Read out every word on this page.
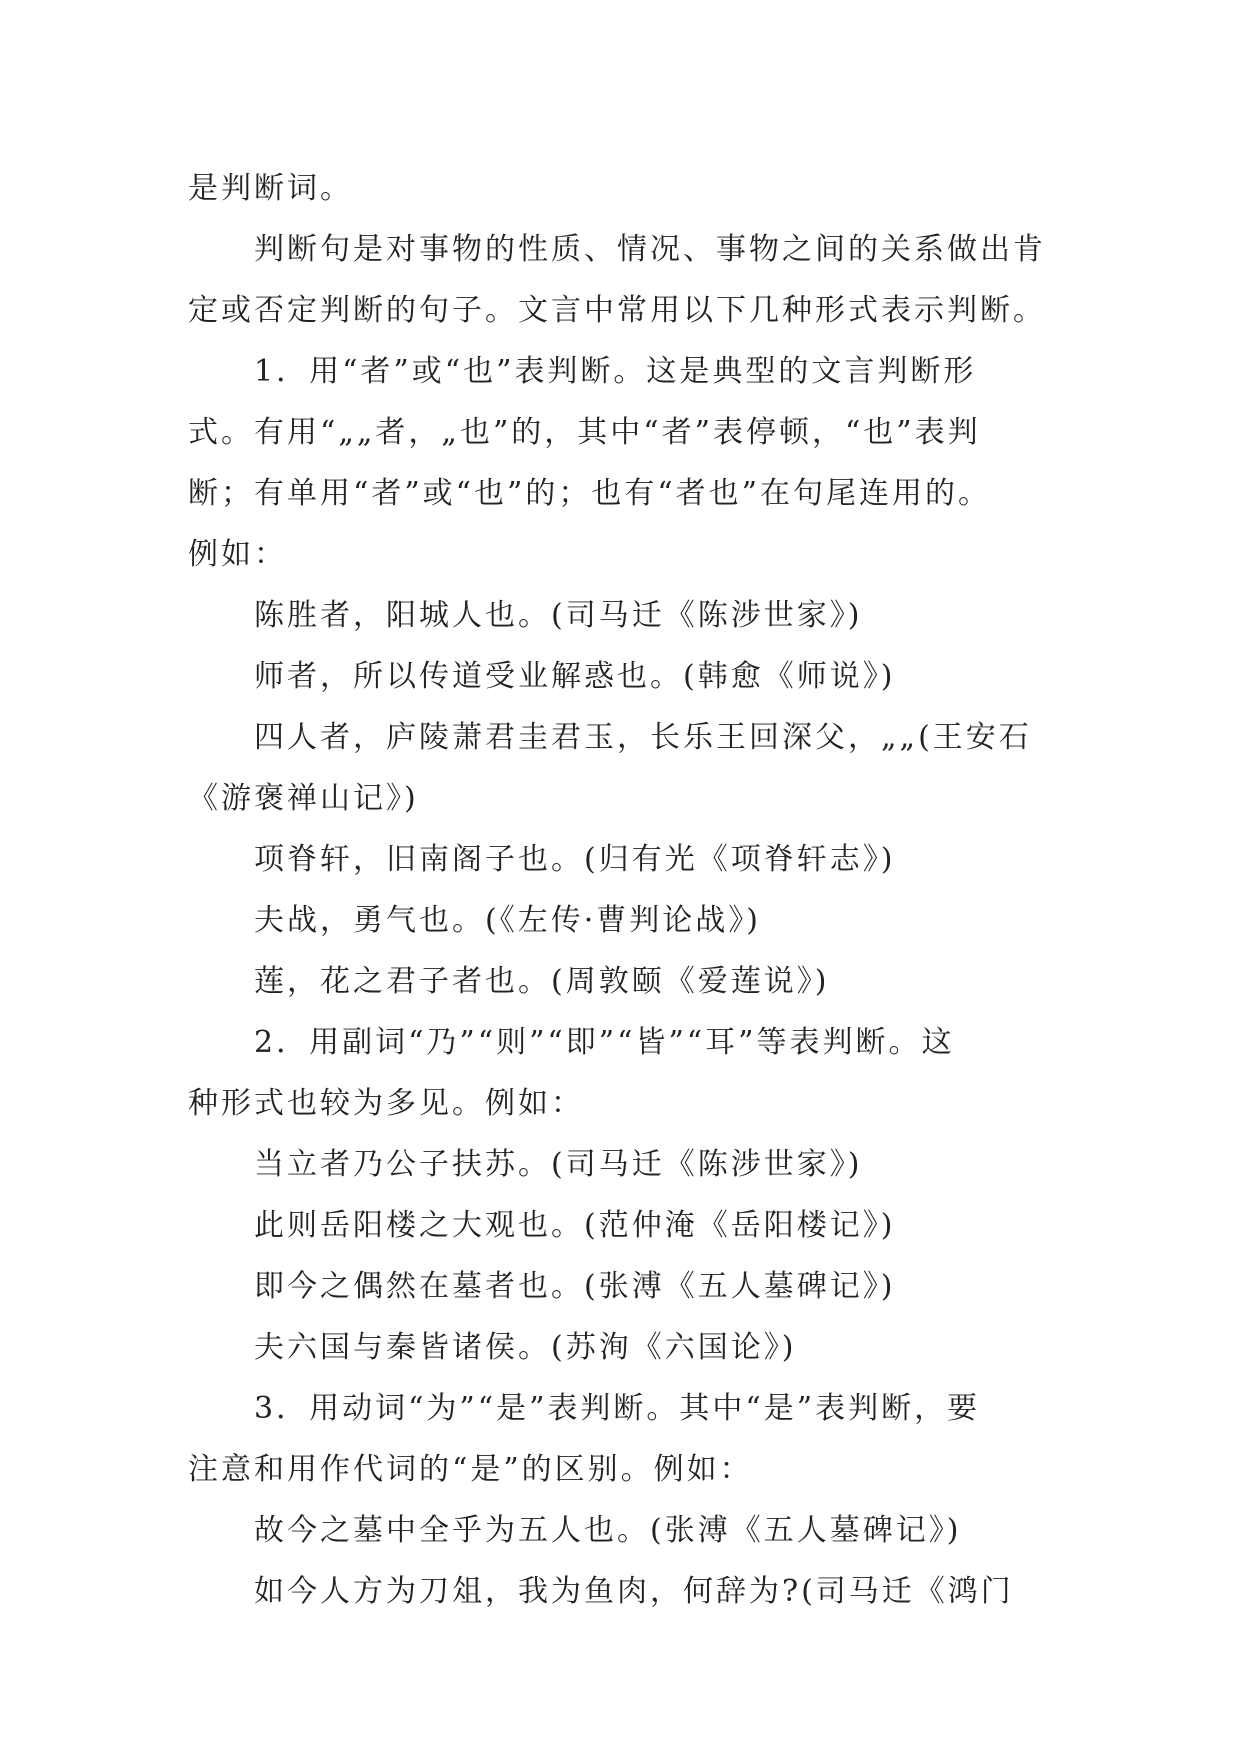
是判断词。
判断句是对事物的性质、情况、事物之间的关系做出肯
定或否定判断的句子。文言中常用以下几种形式表示判断。
1．用“者”或“也”表判断。这是典型的文言判断形
式。有用“„„者，„也”的，其中“者”表停顿，“也”表判
断；有单用“者”或“也”的；也有“者也”在句尾连用的。
例如：
陈胜者，阳城人也。(司马迁《陈涉世家》)
师者，所以传道受业解惑也。(韩愈《师说》)
四人者，庐陵萧君圭君玉，长乐王回深父，„„(王安石
《游褒禅山记》)
项脊轩，旧南阁子也。(归有光《项脊轩志》)
夫战，勇气也。(《左传·曹判论战》)
莲，花之君子者也。(周敦颐《爱莲说》)
2．用副词“乃”“则”“即”“皆”“耳”等表判断。这
种形式也较为多见。例如：
当立者乃公子扶苏。(司马迁《陈涉世家》)
此则岳阳楼之大观也。(范仲淹《岳阳楼记》)
即今之偶然在墓者也。(张溥《五人墓碑记》)
夫六国与秦皆诸侯。(苏洵《六国论》)
3．用动词“为”“是”表判断。其中“是”表判断，要
注意和用作代词的“是”的区别。例如：
故今之墓中全乎为五人也。(张溥《五人墓碑记》)
如今人方为刀俎，我为鱼肉，何辞为?(司马迁《鸿门
